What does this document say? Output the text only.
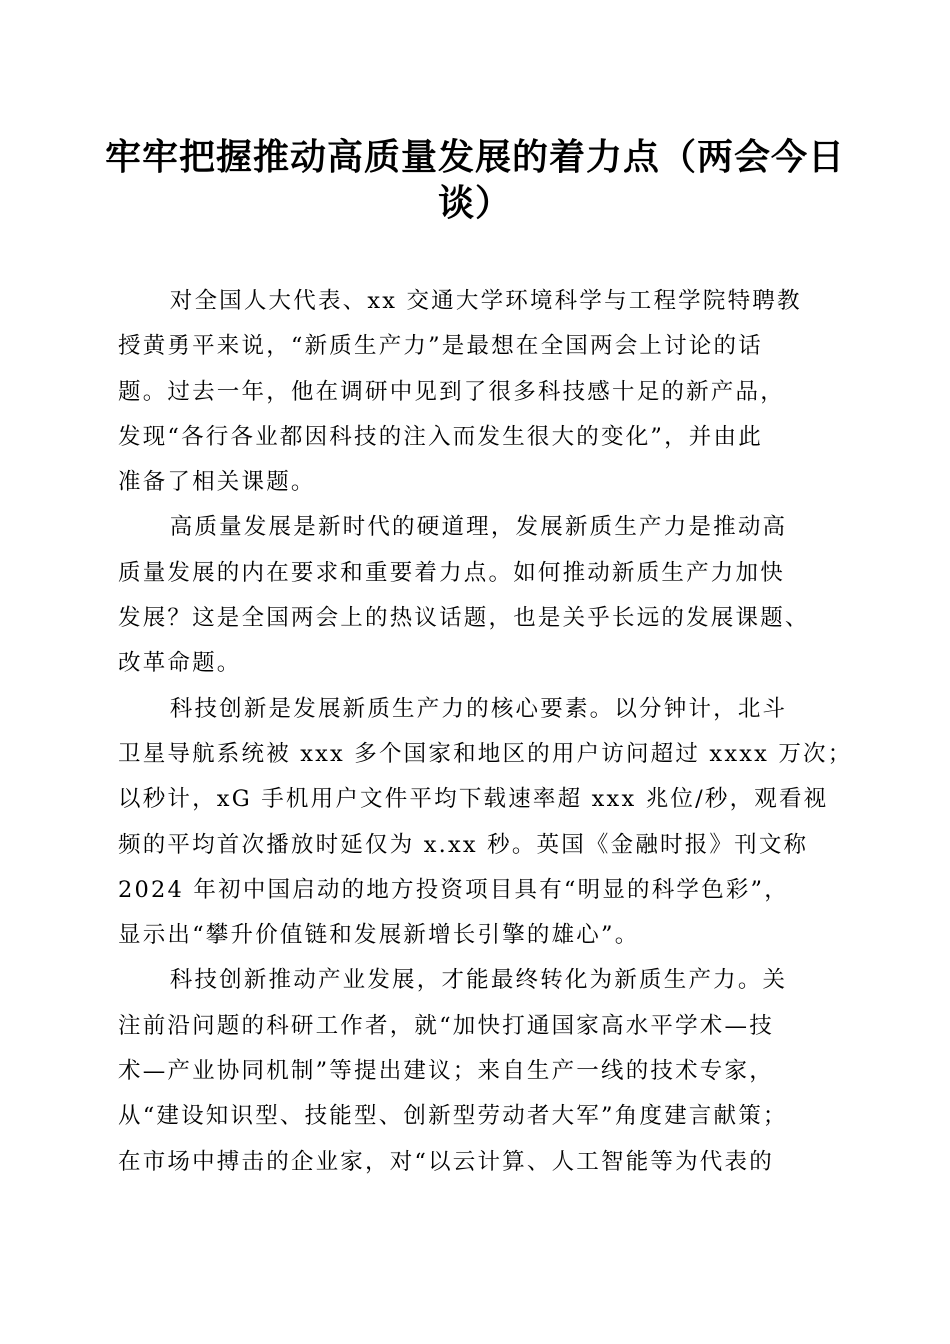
牢牢把握推动高质量发展的着力点（两会今日
谈）

对全国人大代表、xx 交通大学环境科学与工程学院特聘教
授黄勇平来说，“新质生产力”是最想在全国两会上讨论的话
题。过去一年，他在调研中见到了很多科技感十足的新产品，
发现“各行各业都因科技的注入而发生很大的变化”，并由此
准备了相关课题。

高质量发展是新时代的硬道理，发展新质生产力是推动高
质量发展的内在要求和重要着力点。如何推动新质生产力加快
发展？这是全国两会上的热议话题，也是关乎长远的发展课题、
改革命题。

科技创新是发展新质生产力的核心要素。以分钟计，北斗
卫星导航系统被 xxx 多个国家和地区的用户访问超过 xxxx 万次；
以秒计，xG 手机用户文件平均下载速率超 xxx 兆位/秒，观看视
频的平均首次播放时延仅为 x.xx 秒。英国《金融时报》刊文称
2024 年初中国启动的地方投资项目具有“明显的科学色彩”，
显示出“攀升价值链和发展新增长引擎的雄心”。

科技创新推动产业发展，才能最终转化为新质生产力。关
注前沿问题的科研工作者，就“加快打通国家高水平学术—技
术—产业协同机制”等提出建议；来自生产一线的技术专家，
从“建设知识型、技能型、创新型劳动者大军”角度建言献策；
在市场中搏击的企业家，对“以云计算、人工智能等为代表的
